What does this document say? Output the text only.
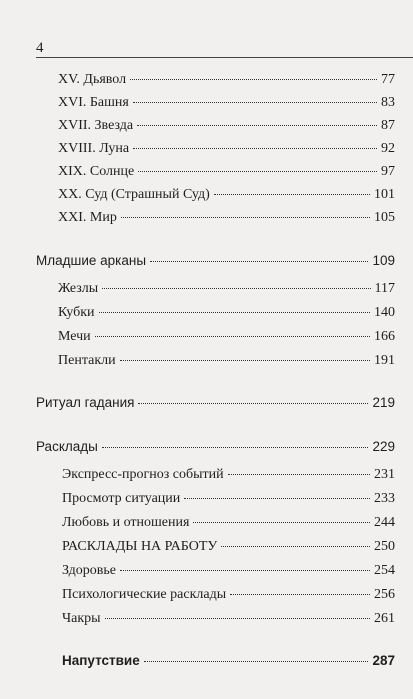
4
XV. Дьявол	77
XVI. Башня	83
XVII. Звезда	87
XVIII. Луна	92
XIX. Солнце	97
XX. Суд (Страшный Суд)	101
XXI. Мир	105
Младшие арканы	109
Жезлы	117
Кубки	140
Мечи	166
Пентакли	191
Ритуал гадания	219
Расклады	229
Экспресс-прогноз событий	231
Просмотр ситуации	233
Любовь и отношения	244
РАСКЛАДЫ НА РАБОТУ	250
Здоровье	254
Психологические расклады	256
Чакры	261
Напутствие	287
